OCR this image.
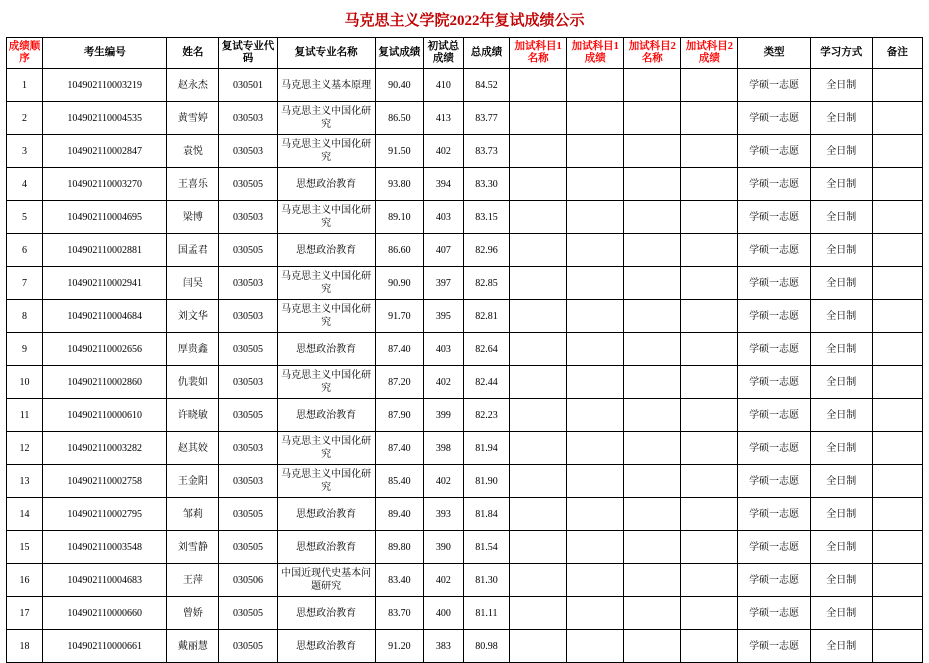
马克思主义学院2022年复试成绩公示
成绩顺序	考生编号	姓名	复试专业代码	复试专业名称	复试成绩	初试总成绩	总成绩	加试科目1名称	加试科目1成绩	加试科目2名称	加试科目2成绩	类型	学习方式	备注
1	104902110003219	赵永杰	030501	马克思主义基本原理	90.40	410	84.52					学硕一志愿	全日制	
2	104902110004535	黄雪婷	030503	马克思主义中国化研究	86.50	413	83.77					学硕一志愿	全日制	
3	104902110002847	袁悦	030503	马克思主义中国化研究	91.50	402	83.73					学硕一志愿	全日制	
4	104902110003270	王喜乐	030505	思想政治教育	93.80	394	83.30					学硕一志愿	全日制	
5	104902110004695	梁博	030503	马克思主义中国化研究	89.10	403	83.15					学硕一志愿	全日制	
6	104902110002881	国孟君	030505	思想政治教育	86.60	407	82.96					学硕一志愿	全日制	
7	104902110002941	闫吴	030503	马克思主义中国化研究	90.90	397	82.85					学硕一志愿	全日制	
8	104902110004684	刘文华	030503	马克思主义中国化研究	91.70	395	82.81					学硕一志愿	全日制	
9	104902110002656	厚贵鑫	030505	思想政治教育	87.40	403	82.64					学硕一志愿	全日制	
10	104902110002860	仇裴如	030503	马克思主义中国化研究	87.20	402	82.44					学硕一志愿	全日制	
11	104902110000610	许晓敏	030505	思想政治教育	87.90	399	82.23					学硕一志愿	全日制	
12	104902110003282	赵其姣	030503	马克思主义中国化研究	87.40	398	81.94					学硕一志愿	全日制	
13	104902110002758	王金阳	030503	马克思主义中国化研究	85.40	402	81.90					学硕一志愿	全日制	
14	104902110002795	邹莉	030505	思想政治教育	89.40	393	81.84					学硕一志愿	全日制	
15	104902110003548	刘雪静	030505	思想政治教育	89.80	390	81.54					学硕一志愿	全日制	
16	104902110004683	王萍	030506	中国近现代史基本问题研究	83.40	402	81.30					学硕一志愿	全日制	
17	104902110000660	曾娇	030505	思想政治教育	83.70	400	81.11					学硕一志愿	全日制	
18	104902110000661	戴丽慧	030505	思想政治教育	91.20	383	80.98					学硕一志愿	全日制	
